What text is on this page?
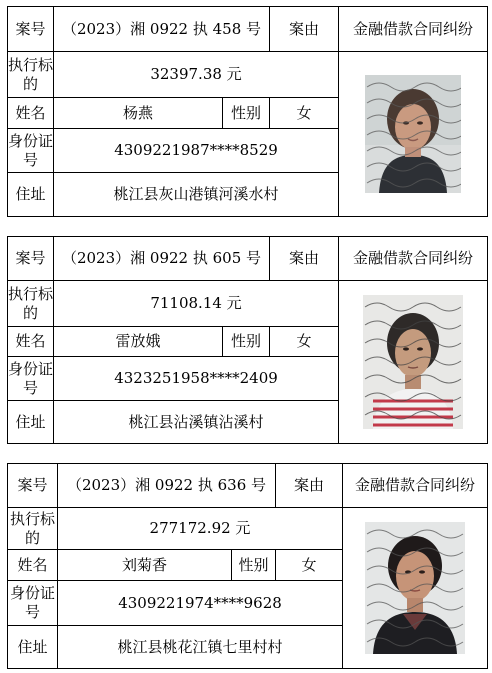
案号	（2023）湘 0922 执 458 号		案由	金融借款合同纠纷
执行标的	32397.38 元	

姓名	杨燕	性别	女	
身份证号	4309221987****8529			
住址	桃江县灰山港镇河溪水村			
案号	（2023）湘 0922 执 605 号		案由	金融借款合同纠纷
执行标的	71108.14 元	

姓名	雷放娥	性别	女	
身份证号	4323251958****2409			
住址	桃江县沾溪镇沾溪村			
案号	（2023）湘 0922 执 636 号		案由	金融借款合同纠纷
执行标的	277172.92 元	

姓名	刘菊香	性别	女	
身份证号	4309221974****9628			
住址	桃江县桃花江镇七里村村			
